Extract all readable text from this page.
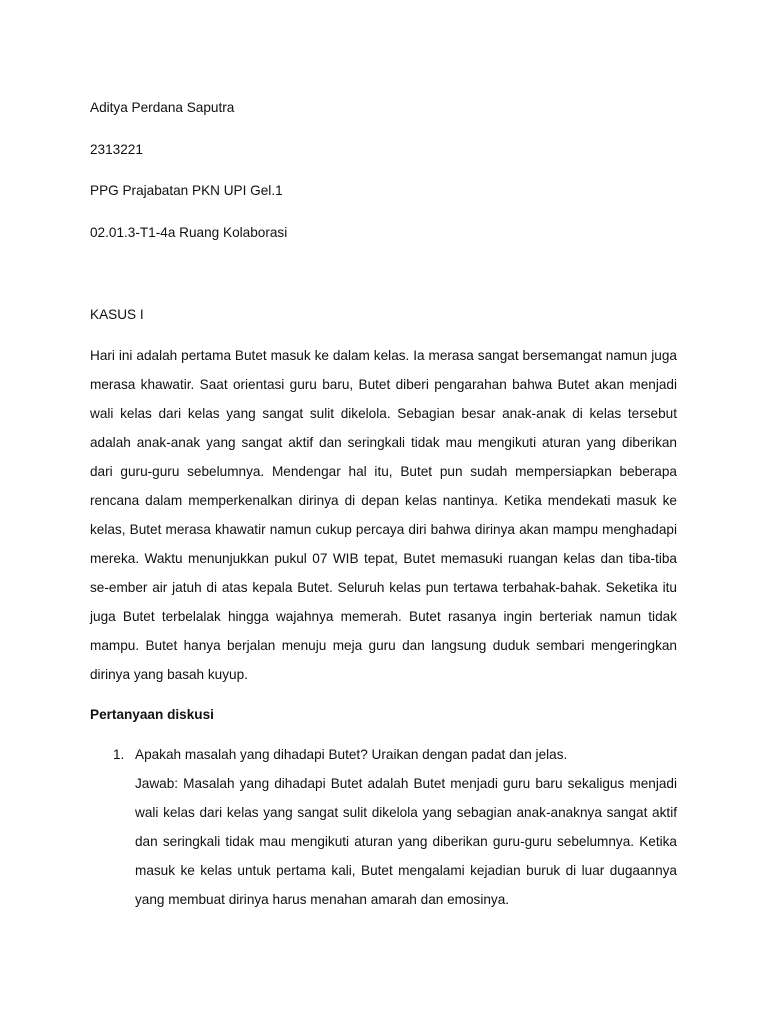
Aditya Perdana Saputra

2313221

PPG Prajabatan PKN UPI Gel.1

02.01.3-T1-4a Ruang Kolaborasi

KASUS I

Hari ini adalah pertama Butet masuk ke dalam kelas. Ia merasa sangat bersemangat namun juga merasa khawatir. Saat orientasi guru baru, Butet diberi pengarahan bahwa Butet akan menjadi wali kelas dari kelas yang sangat sulit dikelola. Sebagian besar anak-anak di kelas tersebut adalah anak-anak yang sangat aktif dan seringkali tidak mau mengikuti aturan yang diberikan dari guru-guru sebelumnya. Mendengar hal itu, Butet pun sudah mempersiapkan beberapa rencana dalam memperkenalkan dirinya di depan kelas nantinya. Ketika mendekati masuk ke kelas, Butet merasa khawatir namun cukup percaya diri bahwa dirinya akan mampu menghadapi mereka. Waktu menunjukkan pukul 07 WIB tepat, Butet memasuki ruangan kelas dan tiba-tiba se-ember air jatuh di atas kepala Butet. Seluruh kelas pun tertawa terbahak-bahak. Seketika itu juga Butet terbelalak hingga wajahnya memerah. Butet rasanya ingin berteriak namun tidak mampu. Butet hanya berjalan menuju meja guru dan langsung duduk sembari mengeringkan dirinya yang basah kuyup.

Pertanyaan diskusi

1. Apakah masalah yang dihadapi Butet? Uraikan dengan padat dan jelas.

Jawab: Masalah yang dihadapi Butet adalah Butet menjadi guru baru sekaligus menjadi wali kelas dari kelas yang sangat sulit dikelola yang sebagian anak-anaknya sangat aktif dan seringkali tidak mau mengikuti aturan yang diberikan guru-guru sebelumnya. Ketika masuk ke kelas untuk pertama kali, Butet mengalami kejadian buruk di luar dugaannya yang membuat dirinya harus menahan amarah dan emosinya.
